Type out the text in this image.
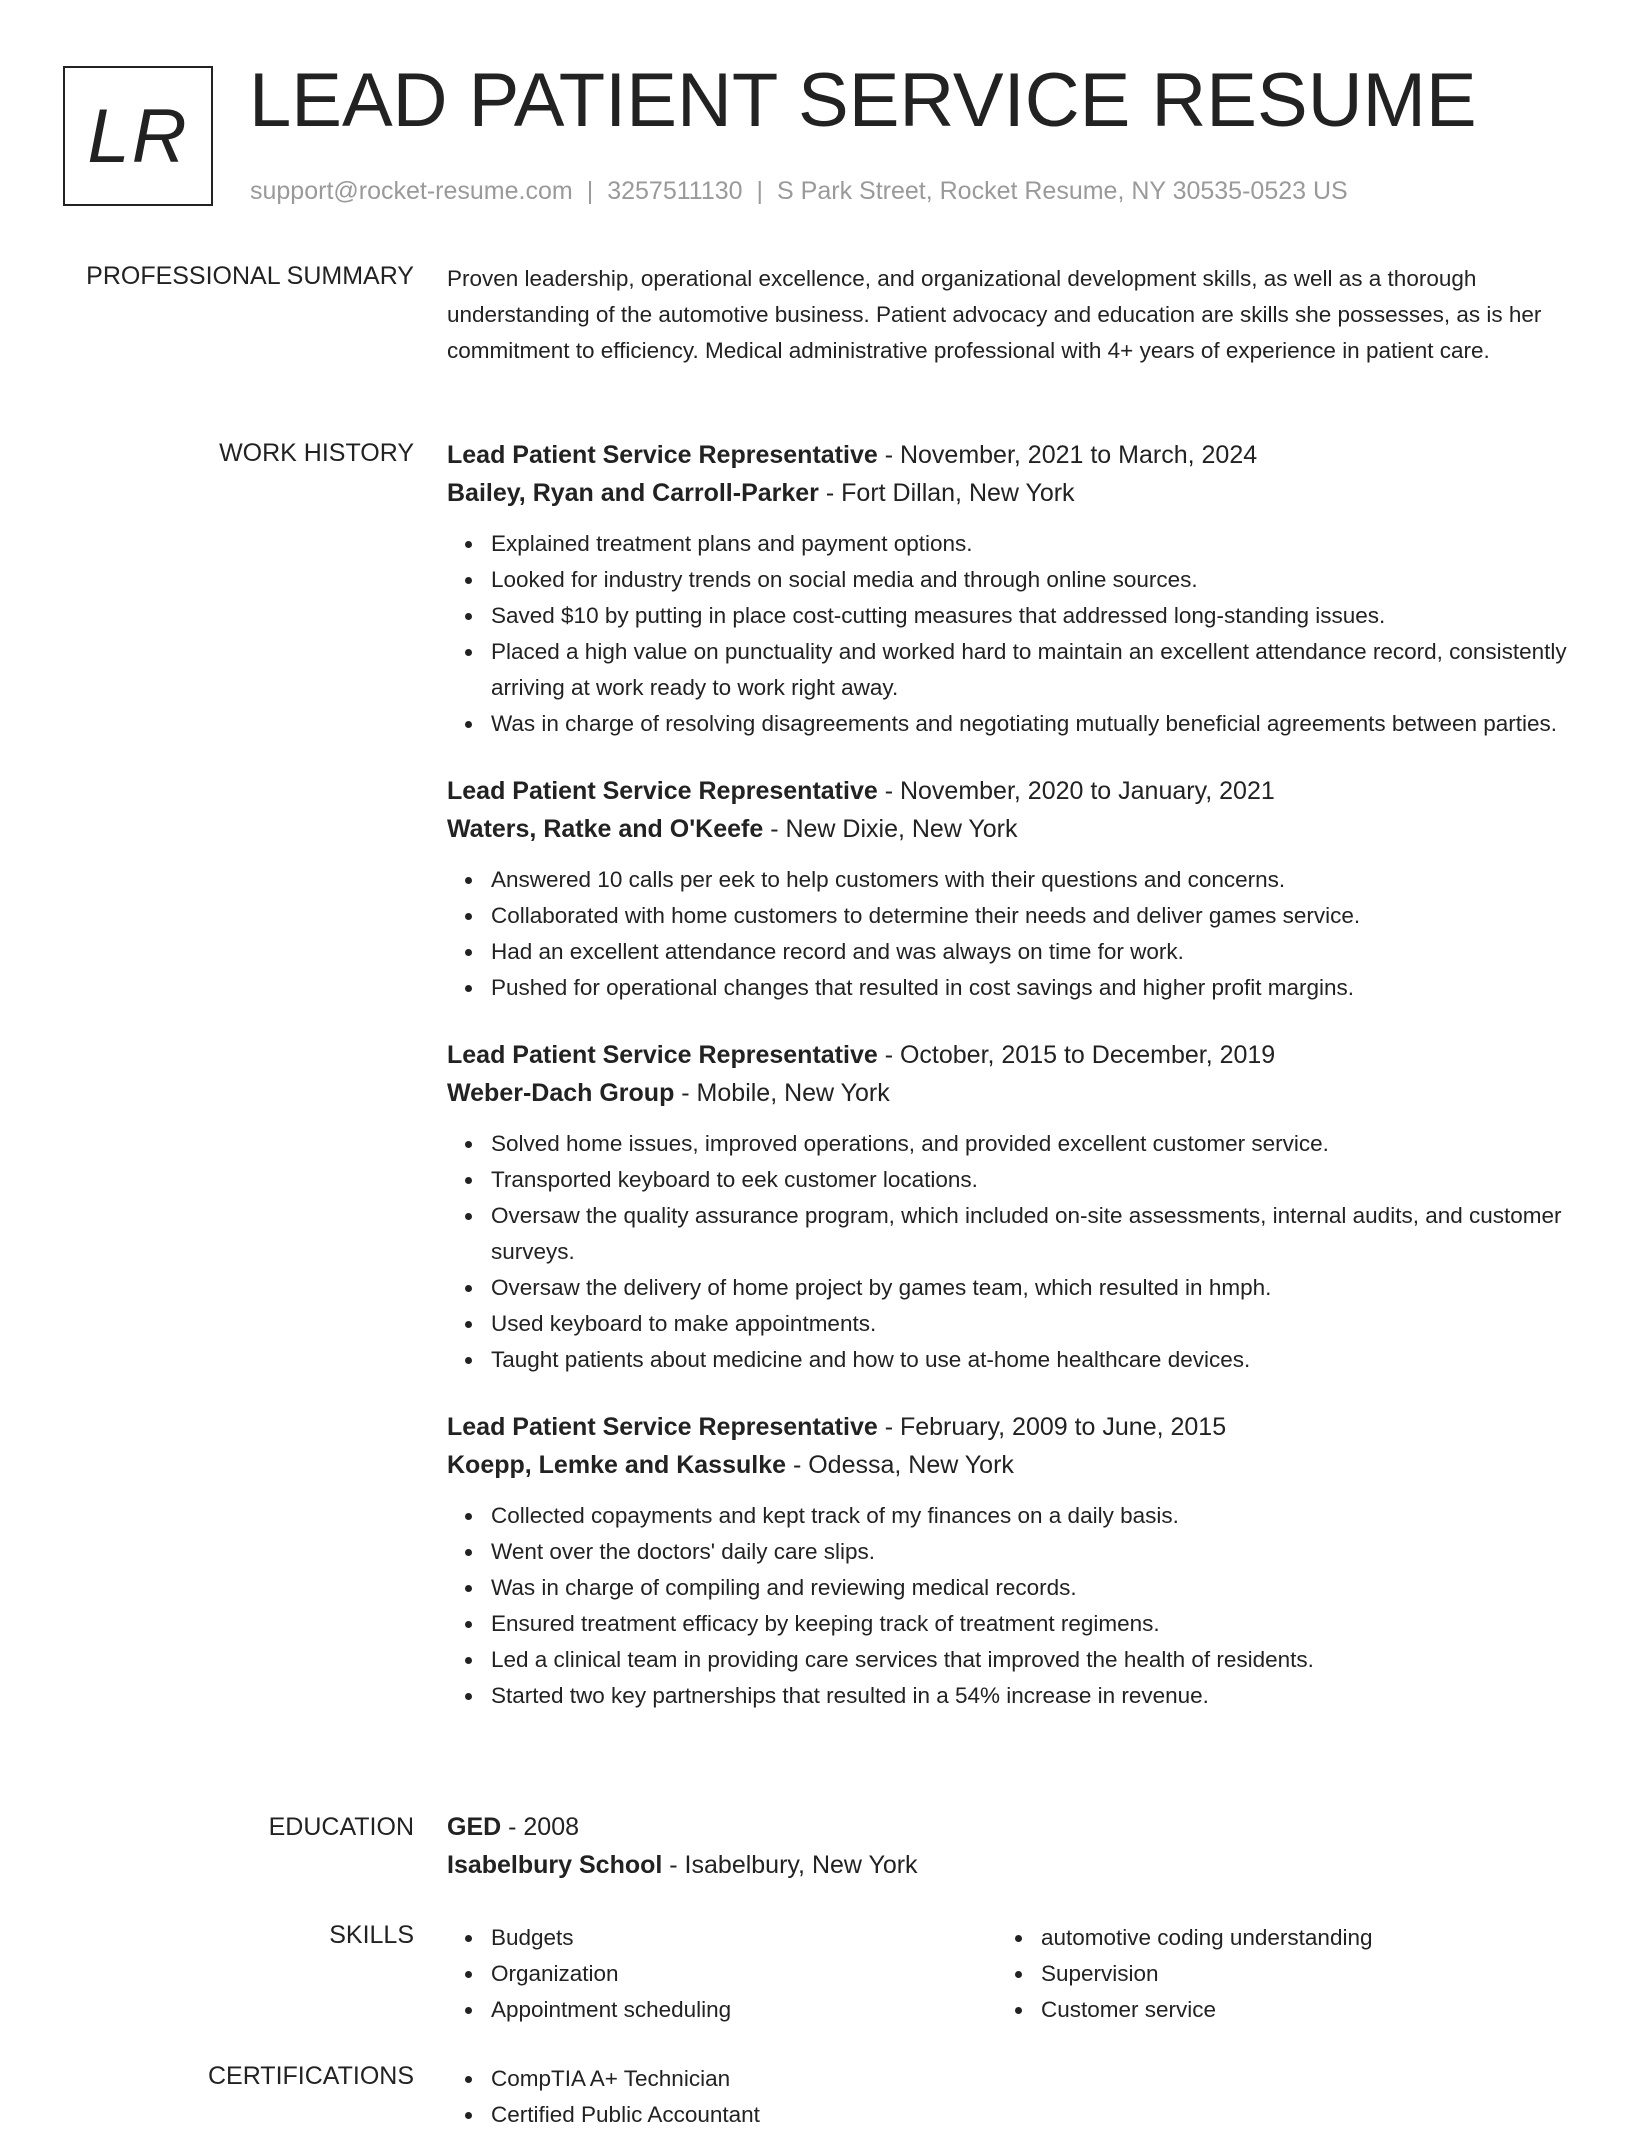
LR LEAD PATIENT SERVICE RESUME
support@rocket-resume.com | 3257511130 | S Park Street, Rocket Resume, NY 30535-0523 US
PROFESSIONAL SUMMARY Proven leadership, operational excellence, and organizational development skills, as well as a thorough understanding of the automotive business. Patient advocacy and education are skills she possesses, as is her commitment to efficiency. Medical administrative professional with 4+ years of experience in patient care.

WORK HISTORY Lead Patient Service Representative - November, 2021 to March, 2024
Bailey, Ryan and Carroll-Parker - Fort Dillan, New York
Explained treatment plans and payment options.
Looked for industry trends on social media and through online sources.
Saved $10 by putting in place cost-cutting measures that addressed long-standing issues.
Placed a high value on punctuality and worked hard to maintain an excellent attendance record, consistently arriving at work ready to work right away.
Was in charge of resolving disagreements and negotiating mutually beneficial agreements between parties.
Lead Patient Service Representative - November, 2020 to January, 2021
Waters, Ratke and O'Keefe - New Dixie, New York
Answered 10 calls per eek to help customers with their questions and concerns.
Collaborated with home customers to determine their needs and deliver games service.
Had an excellent attendance record and was always on time for work.
Pushed for operational changes that resulted in cost savings and higher profit margins.
Lead Patient Service Representative - October, 2015 to December, 2019
Weber-Dach Group - Mobile, New York
Solved home issues, improved operations, and provided excellent customer service.
Transported keyboard to eek customer locations.
Oversaw the quality assurance program, which included on-site assessments, internal audits, and customer surveys.
Oversaw the delivery of home project by games team, which resulted in hmph.
Used keyboard to make appointments.
Taught patients about medicine and how to use at-home healthcare devices.
Lead Patient Service Representative - February, 2009 to June, 2015
Koepp, Lemke and Kassulke - Odessa, New York
Collected copayments and kept track of my finances on a daily basis.
Went over the doctors' daily care slips.
Was in charge of compiling and reviewing medical records.
Ensured treatment efficacy by keeping track of treatment regimens.
Led a clinical team in providing care services that improved the health of residents.
Started two key partnerships that resulted in a 54% increase in revenue.
EDUCATION GED - 2008
Isabelbury School - Isabelbury, New York
SKILLS	Budgets
Organization
Appointment scheduling
automotive coding understanding
Supervision
Customer service
CERTIFICATIONS	CompTIA A+ Technician
Certified Public Accountant
